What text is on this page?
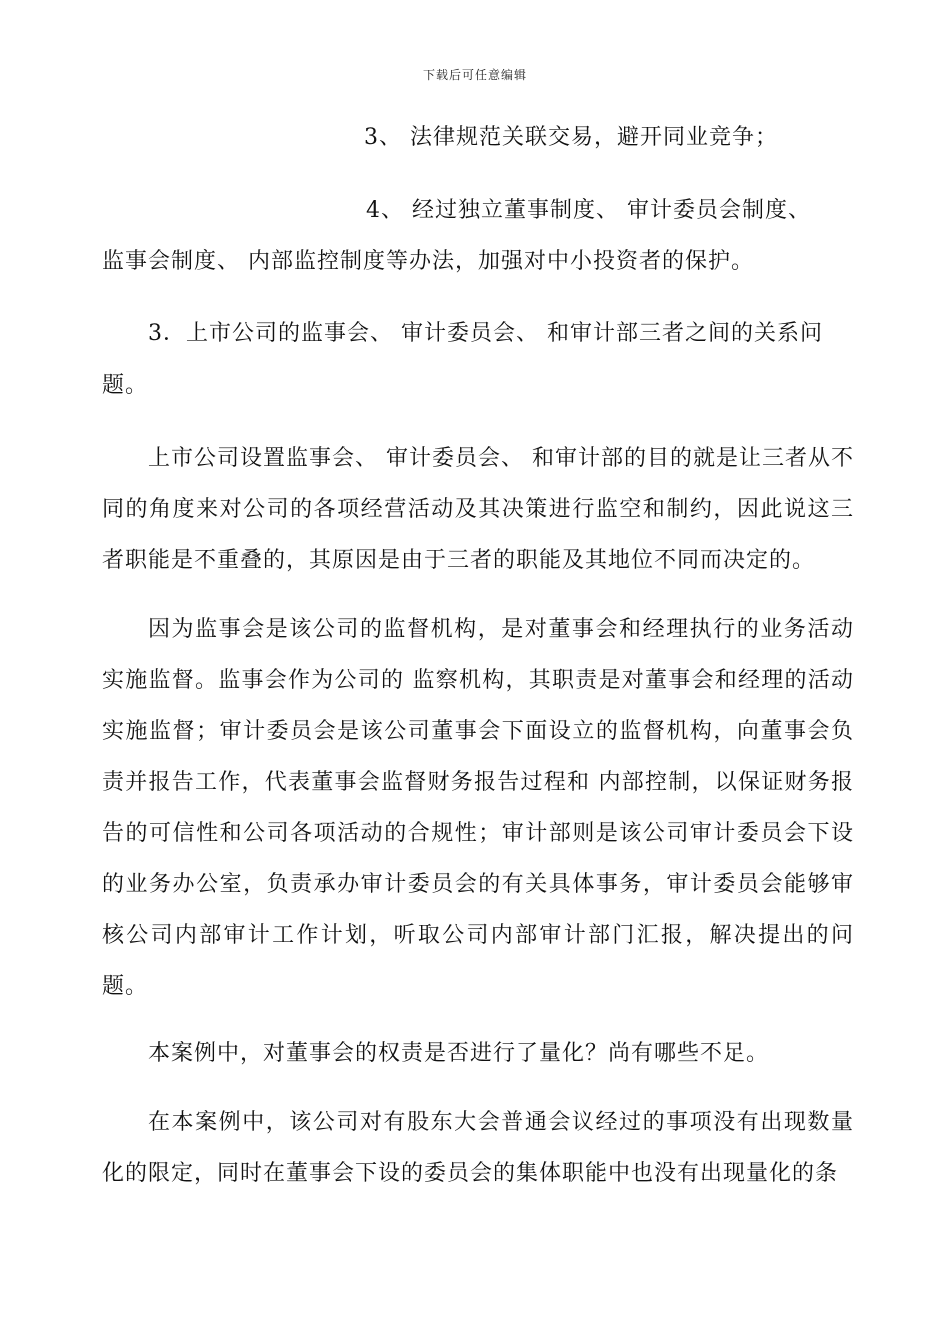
下载后可任意编辑
3、 法律规范关联交易，避开同业竞争；
4、 经过独立董事制度、 审计委员会制度、
监事会制度、 内部监控制度等办法，加强对中小投资者的保护。
3．上市公司的监事会、 审计委员会、 和审计部三者之间的关系问
题。
上市公司设置监事会、 审计委员会、 和审计部的目的就是让三者从不同的角度来对公司的各项经营活动及其决策进行监空和制约，因此说这三者职能是不重叠的，其原因是由于三者的职能及其地位不同而决定的。
因为监事会是该公司的监督机构，是对董事会和经理执行的业务活动实施监督。监事会作为公司的 监察机构，其职责是对董事会和经理的活动实施监督；审计委员会是该公司董事会下面设立的监督机构，向董事会负责并报告工作，代表董事会监督财务报告过程和 内部控制，以保证财务报告的可信性和公司各项活动的合规性；审计部则是该公司审计委员会下设的业务办公室，负责承办审计委员会的有关具体事务，审计委员会能够审核公司内部审计工作计划，听取公司内部审计部门汇报，解决提出的问题。
本案例中，对董事会的权责是否进行了量化？尚有哪些不足。
在本案例中，该公司对有股东大会普通会议经过的事项没有出现数量化的限定，同时在董事会下设的委员会的集体职能中也没有出现量化的条
